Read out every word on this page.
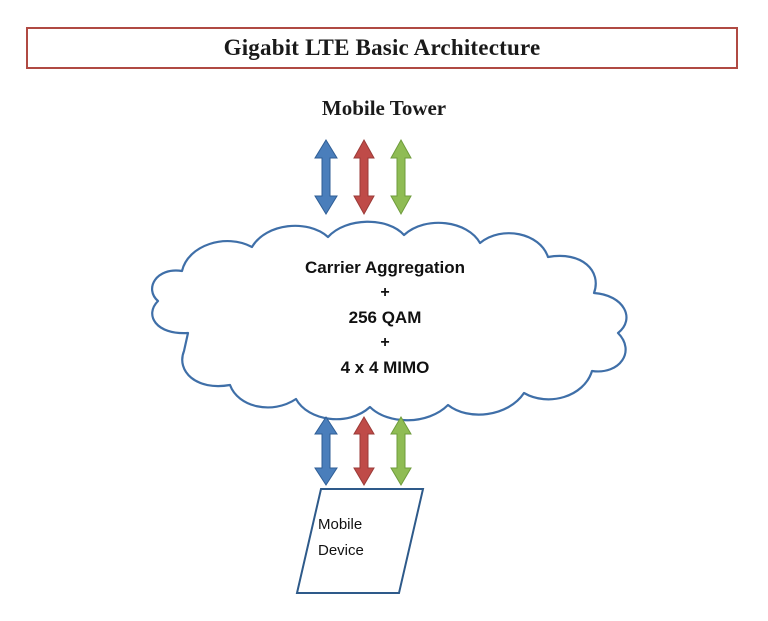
Gigabit LTE Basic Architecture
Mobile Tower
Carrier Aggregation
+
256 QAM
+
4 x 4 MIMO
Mobile
Device
